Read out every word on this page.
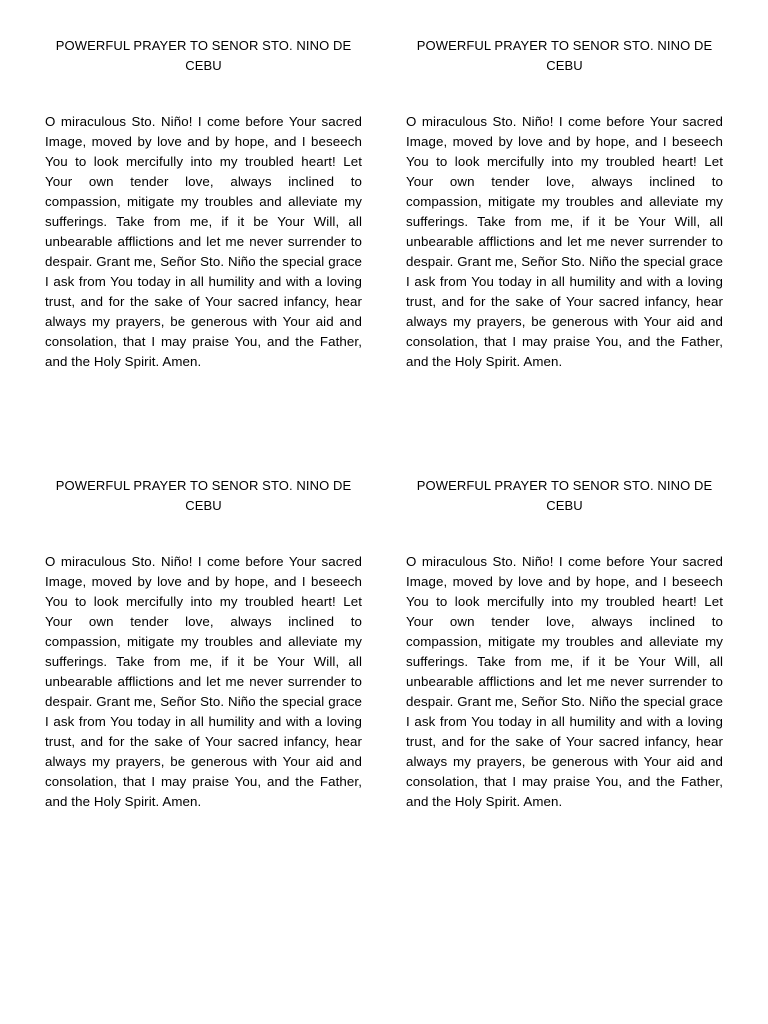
POWERFUL PRAYER TO SENOR STO. NINO DE CEBU

O miraculous Sto. Niño! I come before Your sacred Image, moved by love and by hope, and I beseech You to look mercifully into my troubled heart! Let Your own tender love, always inclined to compassion, mitigate my troubles and alleviate my sufferings. Take from me, if it be Your Will, all unbearable afflictions and let me never surrender to despair. Grant me, Señor Sto. Niño the special grace I ask from You today in all humility and with a loving trust, and for the sake of Your sacred infancy, hear always my prayers, be generous with Your aid and consolation, that I may praise You, and the Father, and the Holy Spirit. Amen.

POWERFUL PRAYER TO SENOR STO. NINO DE CEBU

O miraculous Sto. Niño! I come before Your sacred Image, moved by love and by hope, and I beseech You to look mercifully into my troubled heart! Let Your own tender love, always inclined to compassion, mitigate my troubles and alleviate my sufferings. Take from me, if it be Your Will, all unbearable afflictions and let me never surrender to despair. Grant me, Señor Sto. Niño the special grace I ask from You today in all humility and with a loving trust, and for the sake of Your sacred infancy, hear always my prayers, be generous with Your aid and consolation, that I may praise You, and the Father, and the Holy Spirit. Amen.

POWERFUL PRAYER TO SENOR STO. NINO DE CEBU

O miraculous Sto. Niño! I come before Your sacred Image, moved by love and by hope, and I beseech You to look mercifully into my troubled heart! Let Your own tender love, always inclined to compassion, mitigate my troubles and alleviate my sufferings. Take from me, if it be Your Will, all unbearable afflictions and let me never surrender to despair. Grant me, Señor Sto. Niño the special grace I ask from You today in all humility and with a loving trust, and for the sake of Your sacred infancy, hear always my prayers, be generous with Your aid and consolation, that I may praise You, and the Father, and the Holy Spirit. Amen.

POWERFUL PRAYER TO SENOR STO. NINO DE CEBU

O miraculous Sto. Niño! I come before Your sacred Image, moved by love and by hope, and I beseech You to look mercifully into my troubled heart! Let Your own tender love, always inclined to compassion, mitigate my troubles and alleviate my sufferings. Take from me, if it be Your Will, all unbearable afflictions and let me never surrender to despair. Grant me, Señor Sto. Niño the special grace I ask from You today in all humility and with a loving trust, and for the sake of Your sacred infancy, hear always my prayers, be generous with Your aid and consolation, that I may praise You, and the Father, and the Holy Spirit. Amen.
